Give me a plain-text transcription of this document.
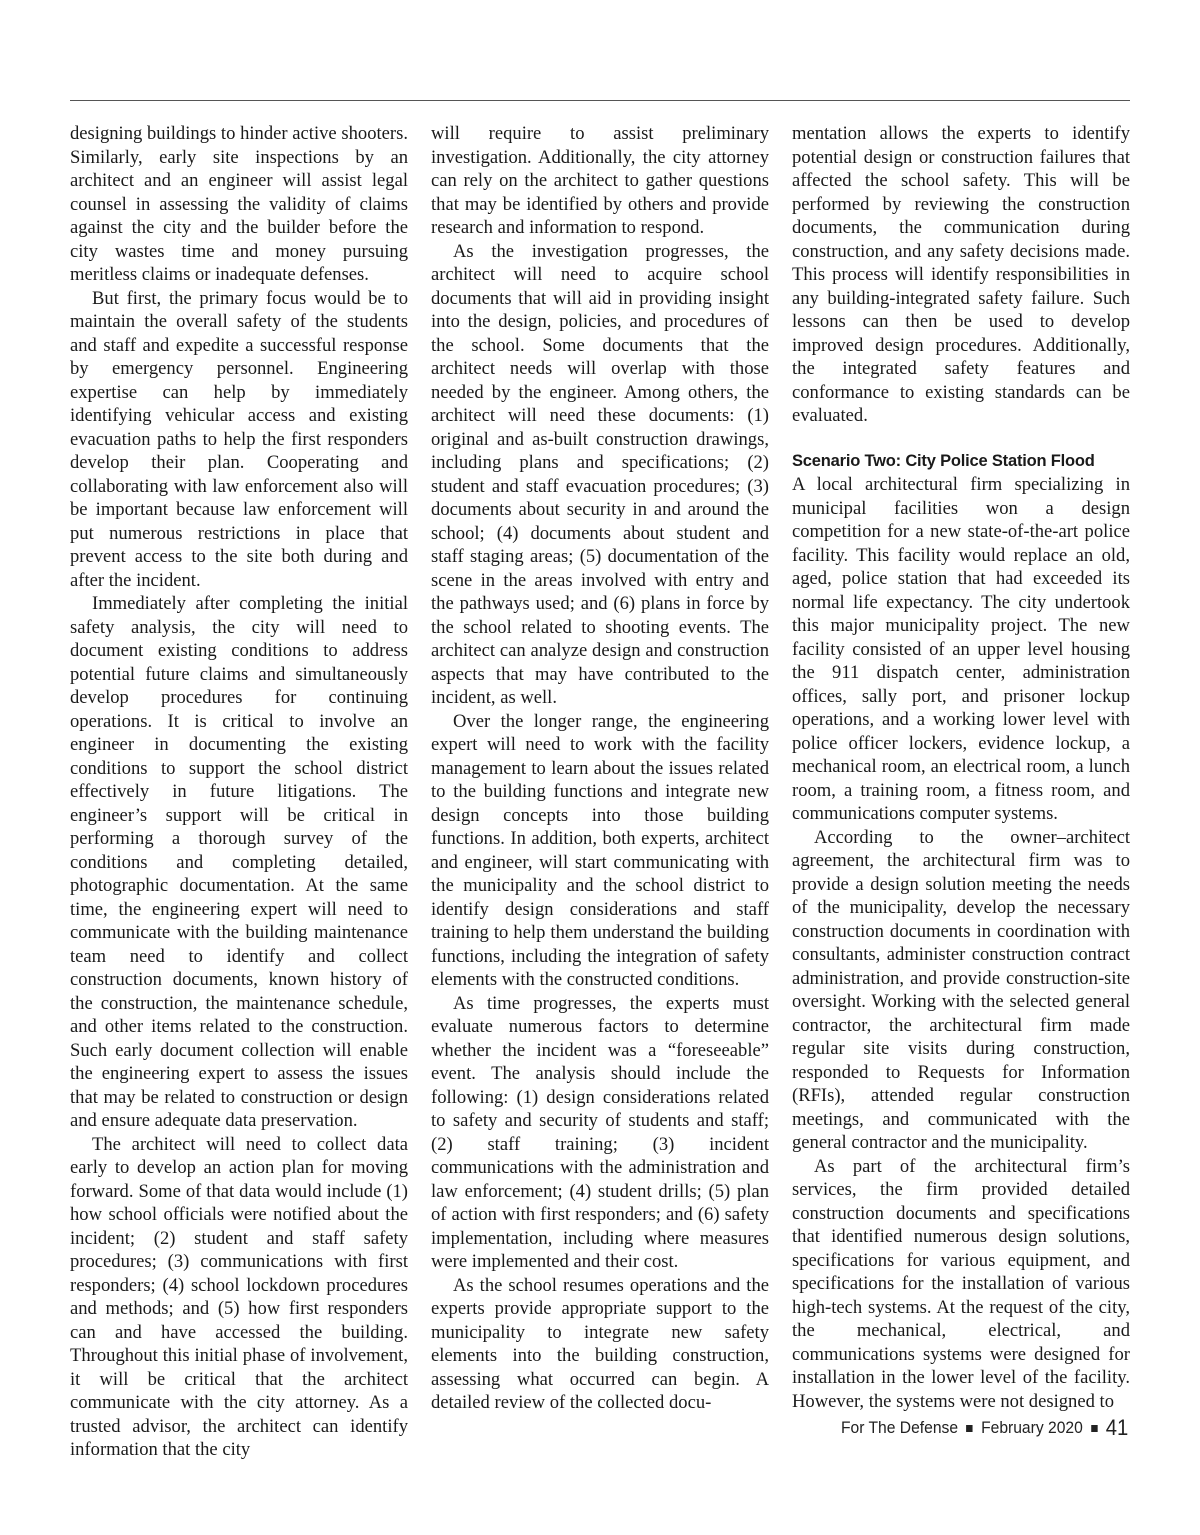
designing buildings to hinder active shooters. Similarly, early site inspections by an architect and an engineer will assist legal counsel in assessing the validity of claims against the city and the builder before the city wastes time and money pursuing meritless claims or inadequate defenses.

But first, the primary focus would be to maintain the overall safety of the students and staff and expedite a successful response by emergency personnel. Engineering expertise can help by immediately identifying vehicular access and existing evacuation paths to help the first responders develop their plan. Cooperating and collaborating with law enforcement also will be important because law enforcement will put numerous restrictions in place that prevent access to the site both during and after the incident.

Immediately after completing the initial safety analysis, the city will need to document existing conditions to address potential future claims and simultaneously develop procedures for continuing operations. It is critical to involve an engineer in documenting the existing conditions to support the school district effectively in future litigations. The engineer’s support will be critical in performing a thorough survey of the conditions and completing detailed, photographic documentation. At the same time, the engineering expert will need to communicate with the building maintenance team need to identify and collect construction documents, known history of the construction, the maintenance schedule, and other items related to the construction. Such early document collection will enable the engineering expert to assess the issues that may be related to construction or design and ensure adequate data preservation.

The architect will need to collect data early to develop an action plan for moving forward. Some of that data would include (1) how school officials were notified about the incident; (2) student and staff safety procedures; (3) communications with first responders; (4) school lockdown procedures and methods; and (5) how first responders can and have accessed the building. Throughout this initial phase of involvement, it will be critical that the architect communicate with the city attorney. As a trusted advisor, the architect can identify information that the city

will require to assist preliminary investigation. Additionally, the city attorney can rely on the architect to gather questions that may be identified by others and provide research and information to respond.

As the investigation progresses, the architect will need to acquire school documents that will aid in providing insight into the design, policies, and procedures of the school. Some documents that the architect needs will overlap with those needed by the engineer. Among others, the architect will need these documents: (1) original and as-built construction drawings, including plans and specifications; (2) student and staff evacuation procedures; (3) documents about security in and around the school; (4) documents about student and staff staging areas; (5) documentation of the scene in the areas involved with entry and the pathways used; and (6) plans in force by the school related to shooting events. The architect can analyze design and construction aspects that may have contributed to the incident, as well.

Over the longer range, the engineering expert will need to work with the facility management to learn about the issues related to the building functions and integrate new design concepts into those building functions. In addition, both experts, architect and engineer, will start communicating with the municipality and the school district to identify design considerations and staff training to help them understand the building functions, including the integration of safety elements with the constructed conditions.

As time progresses, the experts must evaluate numerous factors to determine whether the incident was a “foreseeable” event. The analysis should include the following: (1) design considerations related to safety and security of students and staff; (2) staff training; (3) incident communications with the administration and law enforcement; (4) student drills; (5) plan of action with first responders; and (6) safety implementation, including where measures were implemented and their cost.

As the school resumes operations and the experts provide appropriate support to the municipality to integrate new safety elements into the building construction, assessing what occurred can begin. A detailed review of the collected docu-

mentation allows the experts to identify potential design or construction failures that affected the school safety. This will be performed by reviewing the construction documents, the communication during construction, and any safety decisions made. This process will identify responsibilities in any building-integrated safety failure. Such lessons can then be used to develop improved design procedures. Additionally, the integrated safety features and conformance to existing standards can be evaluated.

Scenario Two: City Police Station Flood

A local architectural firm specializing in municipal facilities won a design competition for a new state-of-the-art police facility. This facility would replace an old, aged, police station that had exceeded its normal life expectancy. The city undertook this major municipality project. The new facility consisted of an upper level housing the 911 dispatch center, administration offices, sally port, and prisoner lockup operations, and a working lower level with police officer lockers, evidence lockup, a mechanical room, an electrical room, a lunch room, a training room, a fitness room, and communications computer systems.

According to the owner–architect agreement, the architectural firm was to provide a design solution meeting the needs of the municipality, develop the necessary construction documents in coordination with consultants, administer construction contract administration, and provide construction-site oversight. Working with the selected general contractor, the architectural firm made regular site visits during construction, responded to Requests for Information (RFIs), attended regular construction meetings, and communicated with the general contractor and the municipality.

As part of the architectural firm’s services, the firm provided detailed construction documents and specifications that identified numerous design solutions, specifications for various equipment, and specifications for the installation of various high-tech systems. At the request of the city, the mechanical, electrical, and communications systems were designed for installation in the lower level of the facility. However, the systems were not designed to

For The Defense February 2020 41
